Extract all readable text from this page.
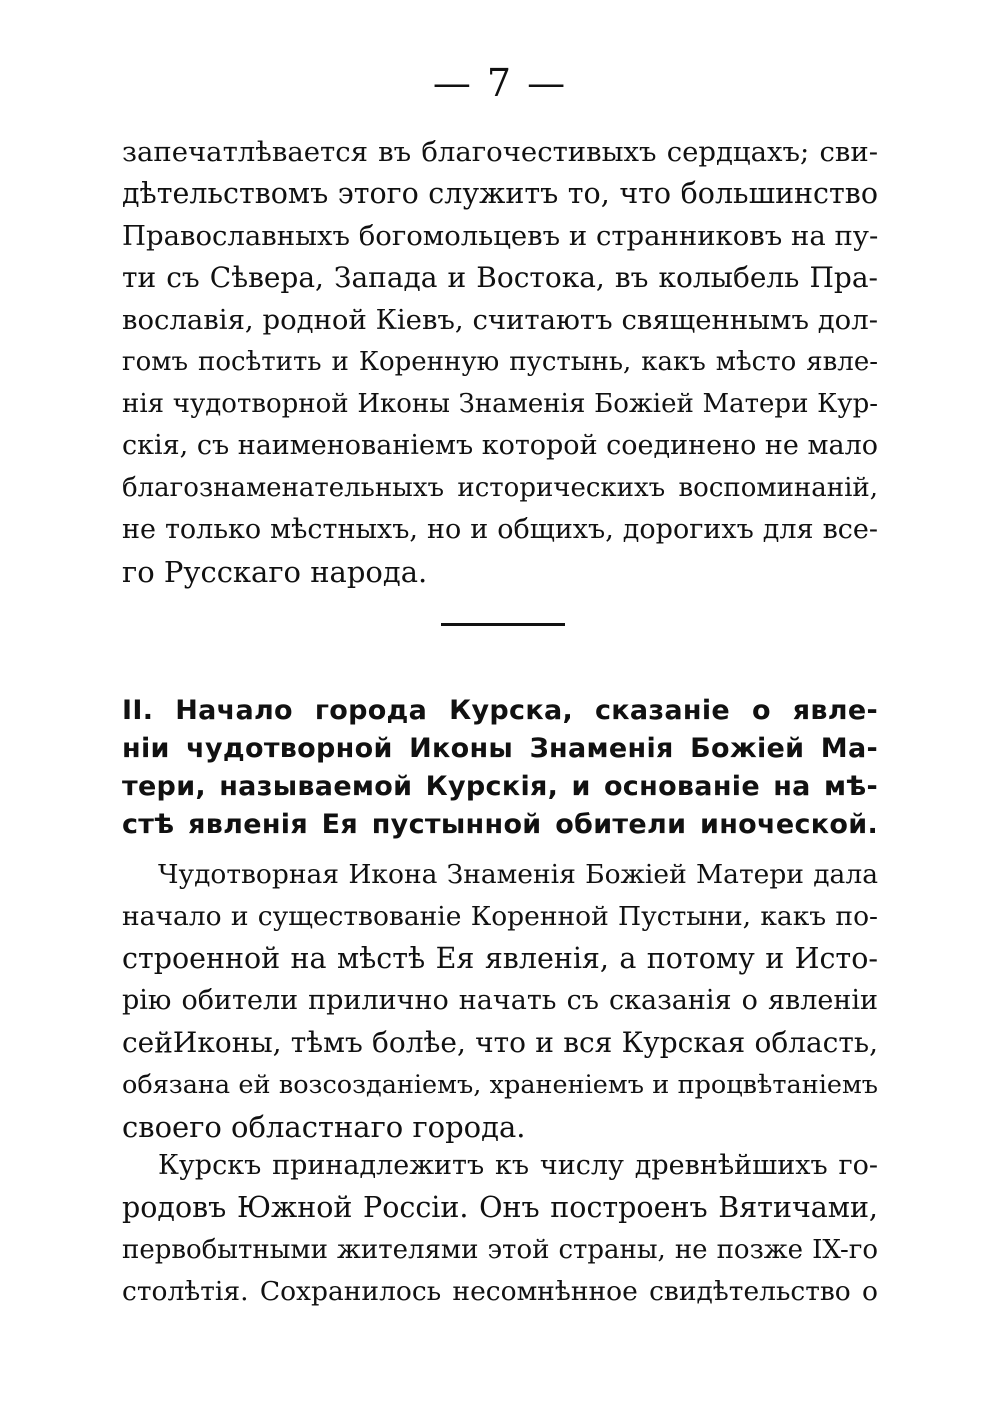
— 7 —
запечатлѣвается въ благочестивыхъ сердцахъ; сви-
дѣтельствомъ этого служитъ то, что большинство
Православныхъ богомольцевъ и странниковъ на пу-
ти съ Сѣвера, Запада и Востока, въ колыбель Пра-
вославія, родной Кіевъ, считаютъ священнымъ дол-
гомъ посѣтить и Коренную пустынь, какъ мѣсто явле-
нія чудотворной Иконы Знаменія Божіей Матери Кур-
скія, съ наименованіемъ которой соединено не мало
благознаменательныхъ историческихъ воспоминаній,
не только мѣстныхъ, но и общихъ, дорогихъ для все-
го Русскаго народа.
II. Начало города Курска, сказаніе о явле-
ніи чудотворной Иконы Знаменія Божіей Ма-
тери, называемой Курскія, и основаніе на мѣ-
стѣ явленія Ея пустынной обители иноческой.
Чудотворная Икона Знаменія Божіей Матери дала
начало и существованіе Коренной Пустыни, какъ по-
строенной на мѣстѣ Ея явленія, а потому и Исто-
рію обители прилично начать съ сказанія о явленіи
сейИконы, тѣмъ болѣе, что и вся Курская область,
обязана ей возсозданіемъ, храненіемъ и процвѣтаніемъ
своего областнаго города.
Курскъ принадлежитъ къ числу древнѣйшихъ го-
родовъ Южной Россіи. Онъ построенъ Вятичами,
первобытными жителями этой страны, не позже IX-го
столѣтія. Сохранилось несомнѣнное свидѣтельство о
